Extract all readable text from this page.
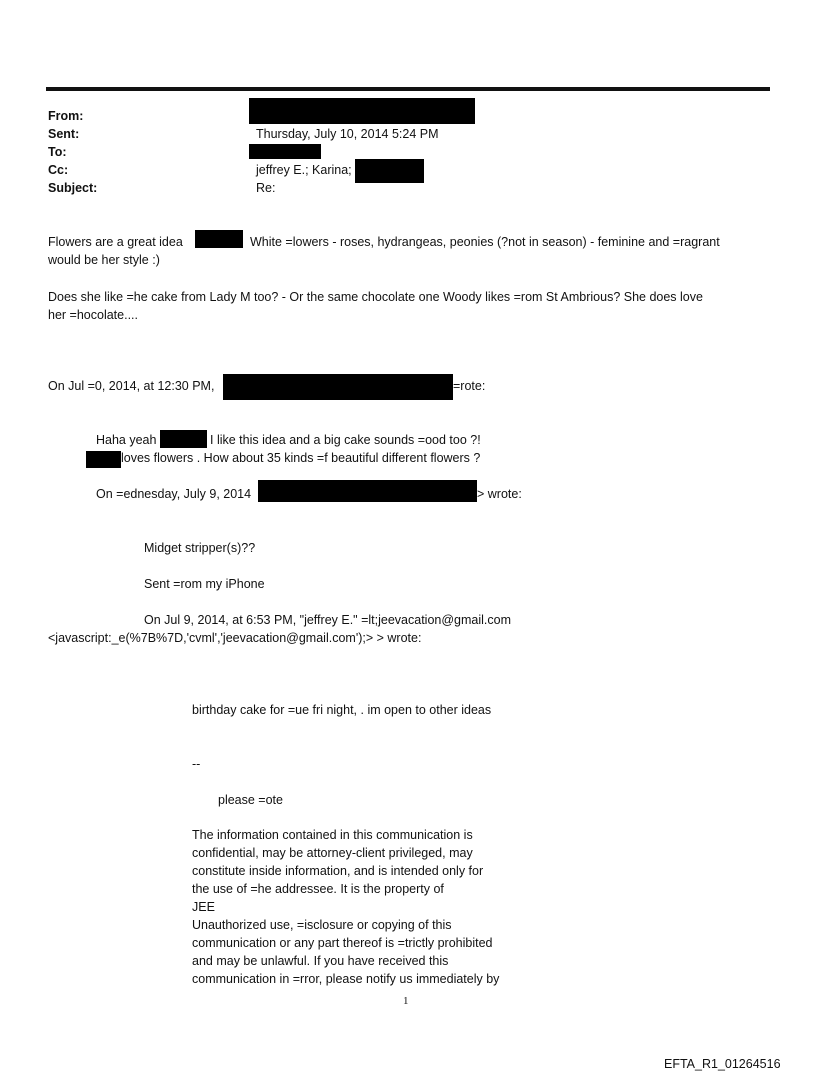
From:
Sent:	Thursday, July 10, 2014 5:24 PM
To:
Cc:	jeffrey E.; Karina;
Subject:	Re:
Flowers are a great idea	White =lowers - roses, hydrangeas, peonies (?not in season) - feminine and =ragrant
would be her style :)
Does she like =he cake from Lady M too? - Or the same chocolate one Woody likes =rom St Ambrious? She does love
her =hocolate....
On Jul =0, 2014, at 12:30 PM,	=rote:
Haha yeah	I like this idea and a big cake sounds =ood too ?!
loves flowers . How about 35 kinds =f beautiful different flowers ?
On =ednesday, July 9, 2014	> wrote:
Midget stripper(s)??
Sent =rom my iPhone
On Jul 9, 2014, at 6:53 PM, "jeffrey E." =lt;jeevacation@gmail.com
<javascript:_e(%7B%7D,'cvml','jeevacation@gmail.com');> > wrote:
birthday cake for =ue fri night, . im open to other ideas
--
please =ote
The information contained in this communication is
confidential, may be attorney-client privileged, may
constitute inside information, and is intended only for
the use of =he addressee. It is the property of
JEE
Unauthorized use, =isclosure or copying of this
communication or any part thereof is =trictly prohibited
and may be unlawful. If you have received this
communication in =rror, please notify us immediately by
1
EFTA_R1_01264516
